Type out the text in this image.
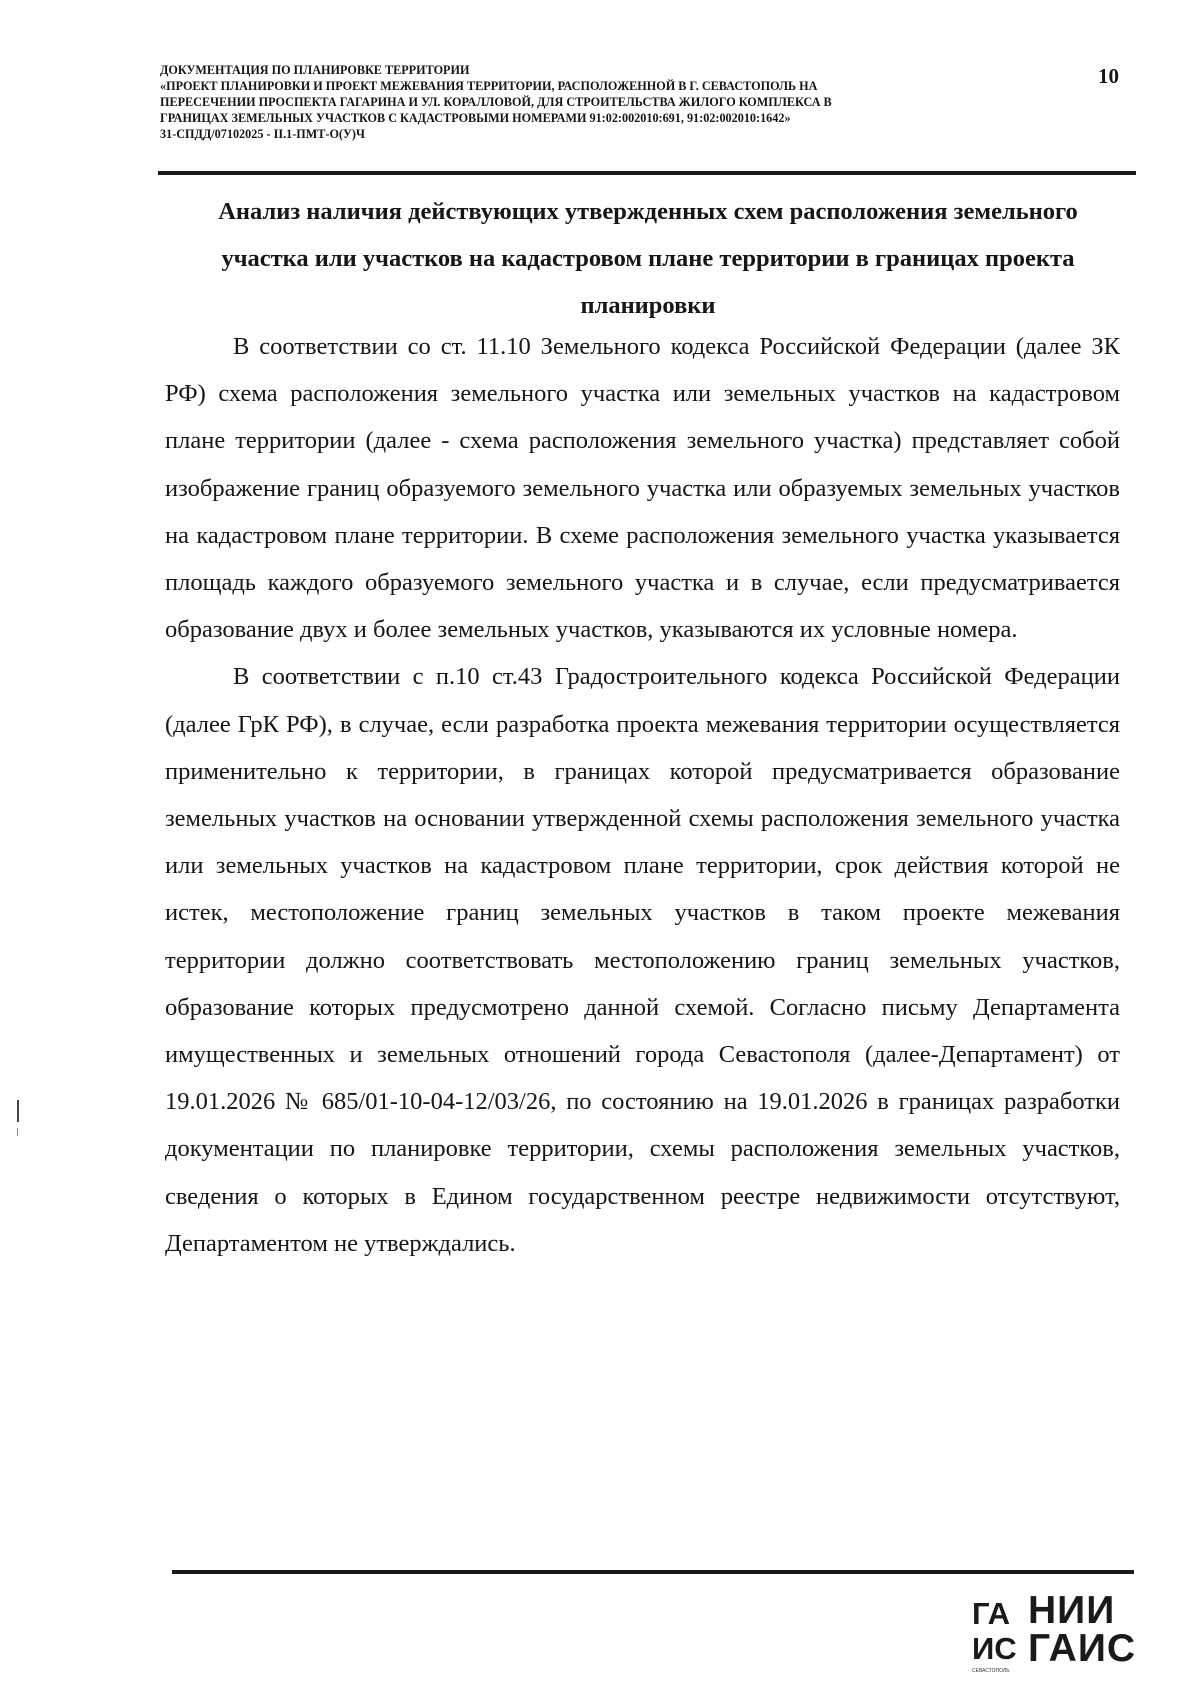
ДОКУМЕНТАЦИЯ ПО ПЛАНИРОВКЕ ТЕРРИТОРИИ
«ПРОЕКТ ПЛАНИРОВКИ И ПРОЕКТ МЕЖЕВАНИЯ ТЕРРИТОРИИ, РАСПОЛОЖЕННОЙ В Г. СЕВАСТОПОЛЬ НА
ПЕРЕСЕЧЕНИИ ПРОСПЕКТА ГАГАРИНА И УЛ. КОРАЛЛОВОЙ, ДЛЯ СТРОИТЕЛЬСТВА ЖИЛОГО КОМПЛЕКСА В
ГРАНИЦАХ ЗЕМЕЛЬНЫХ УЧАСТКОВ С КАДАСТРОВЫМИ НОМЕРАМИ 91:02:002010:691, 91:02:002010:1642»
31-СПДД/07102025 - II.1-ПМТ-О(У)Ч
10
Анализ наличия действующих утвержденных схем расположения земельного
участка или участков на кадастровом плане территории в границах проекта
планировки

В соответствии со ст. 11.10 Земельного кодекса Российской Федерации (далее ЗК РФ) схема расположения земельного участка или земельных участков на кадастровом плане территории (далее - схема расположения земельного участка) представляет собой изображение границ образуемого земельного участка или образуемых земельных участков на кадастровом плане территории. В схеме расположения земельного участка указывается площадь каждого образуемого земельного участка и в случае, если предусматривается образование двух и более земельных участков, указываются их условные номера.

В соответствии с п.10 ст.43 Градостроительного кодекса Российской Федерации (далее ГрК РФ), в случае, если разработка проекта межевания территории осуществляется применительно к территории, в границах которой предусматривается образование земельных участков на основании утвержденной схемы расположения земельного участка или земельных участков на кадастровом плане территории, срок действия которой не истек, местоположение границ земельных участков в таком проекте межевания территории должно соответствовать местоположению границ земельных участков, образование которых предусмотрено данной схемой. Согласно письму Департамента имущественных и земельных отношений города Севастополя (далее-Департамент) от 19.01.2026 № 685/01-10-04-12/03/26, по состоянию на 19.01.2026 в границах разработки документации по планировке территории, схемы расположения земельных участков, сведения о которых в Едином государственном реестре недвижимости отсутствуют, Департаментом не утверждались.

ГА
ИС
НИИ
ГАИС
СЕВАСТОПОЛЬ
